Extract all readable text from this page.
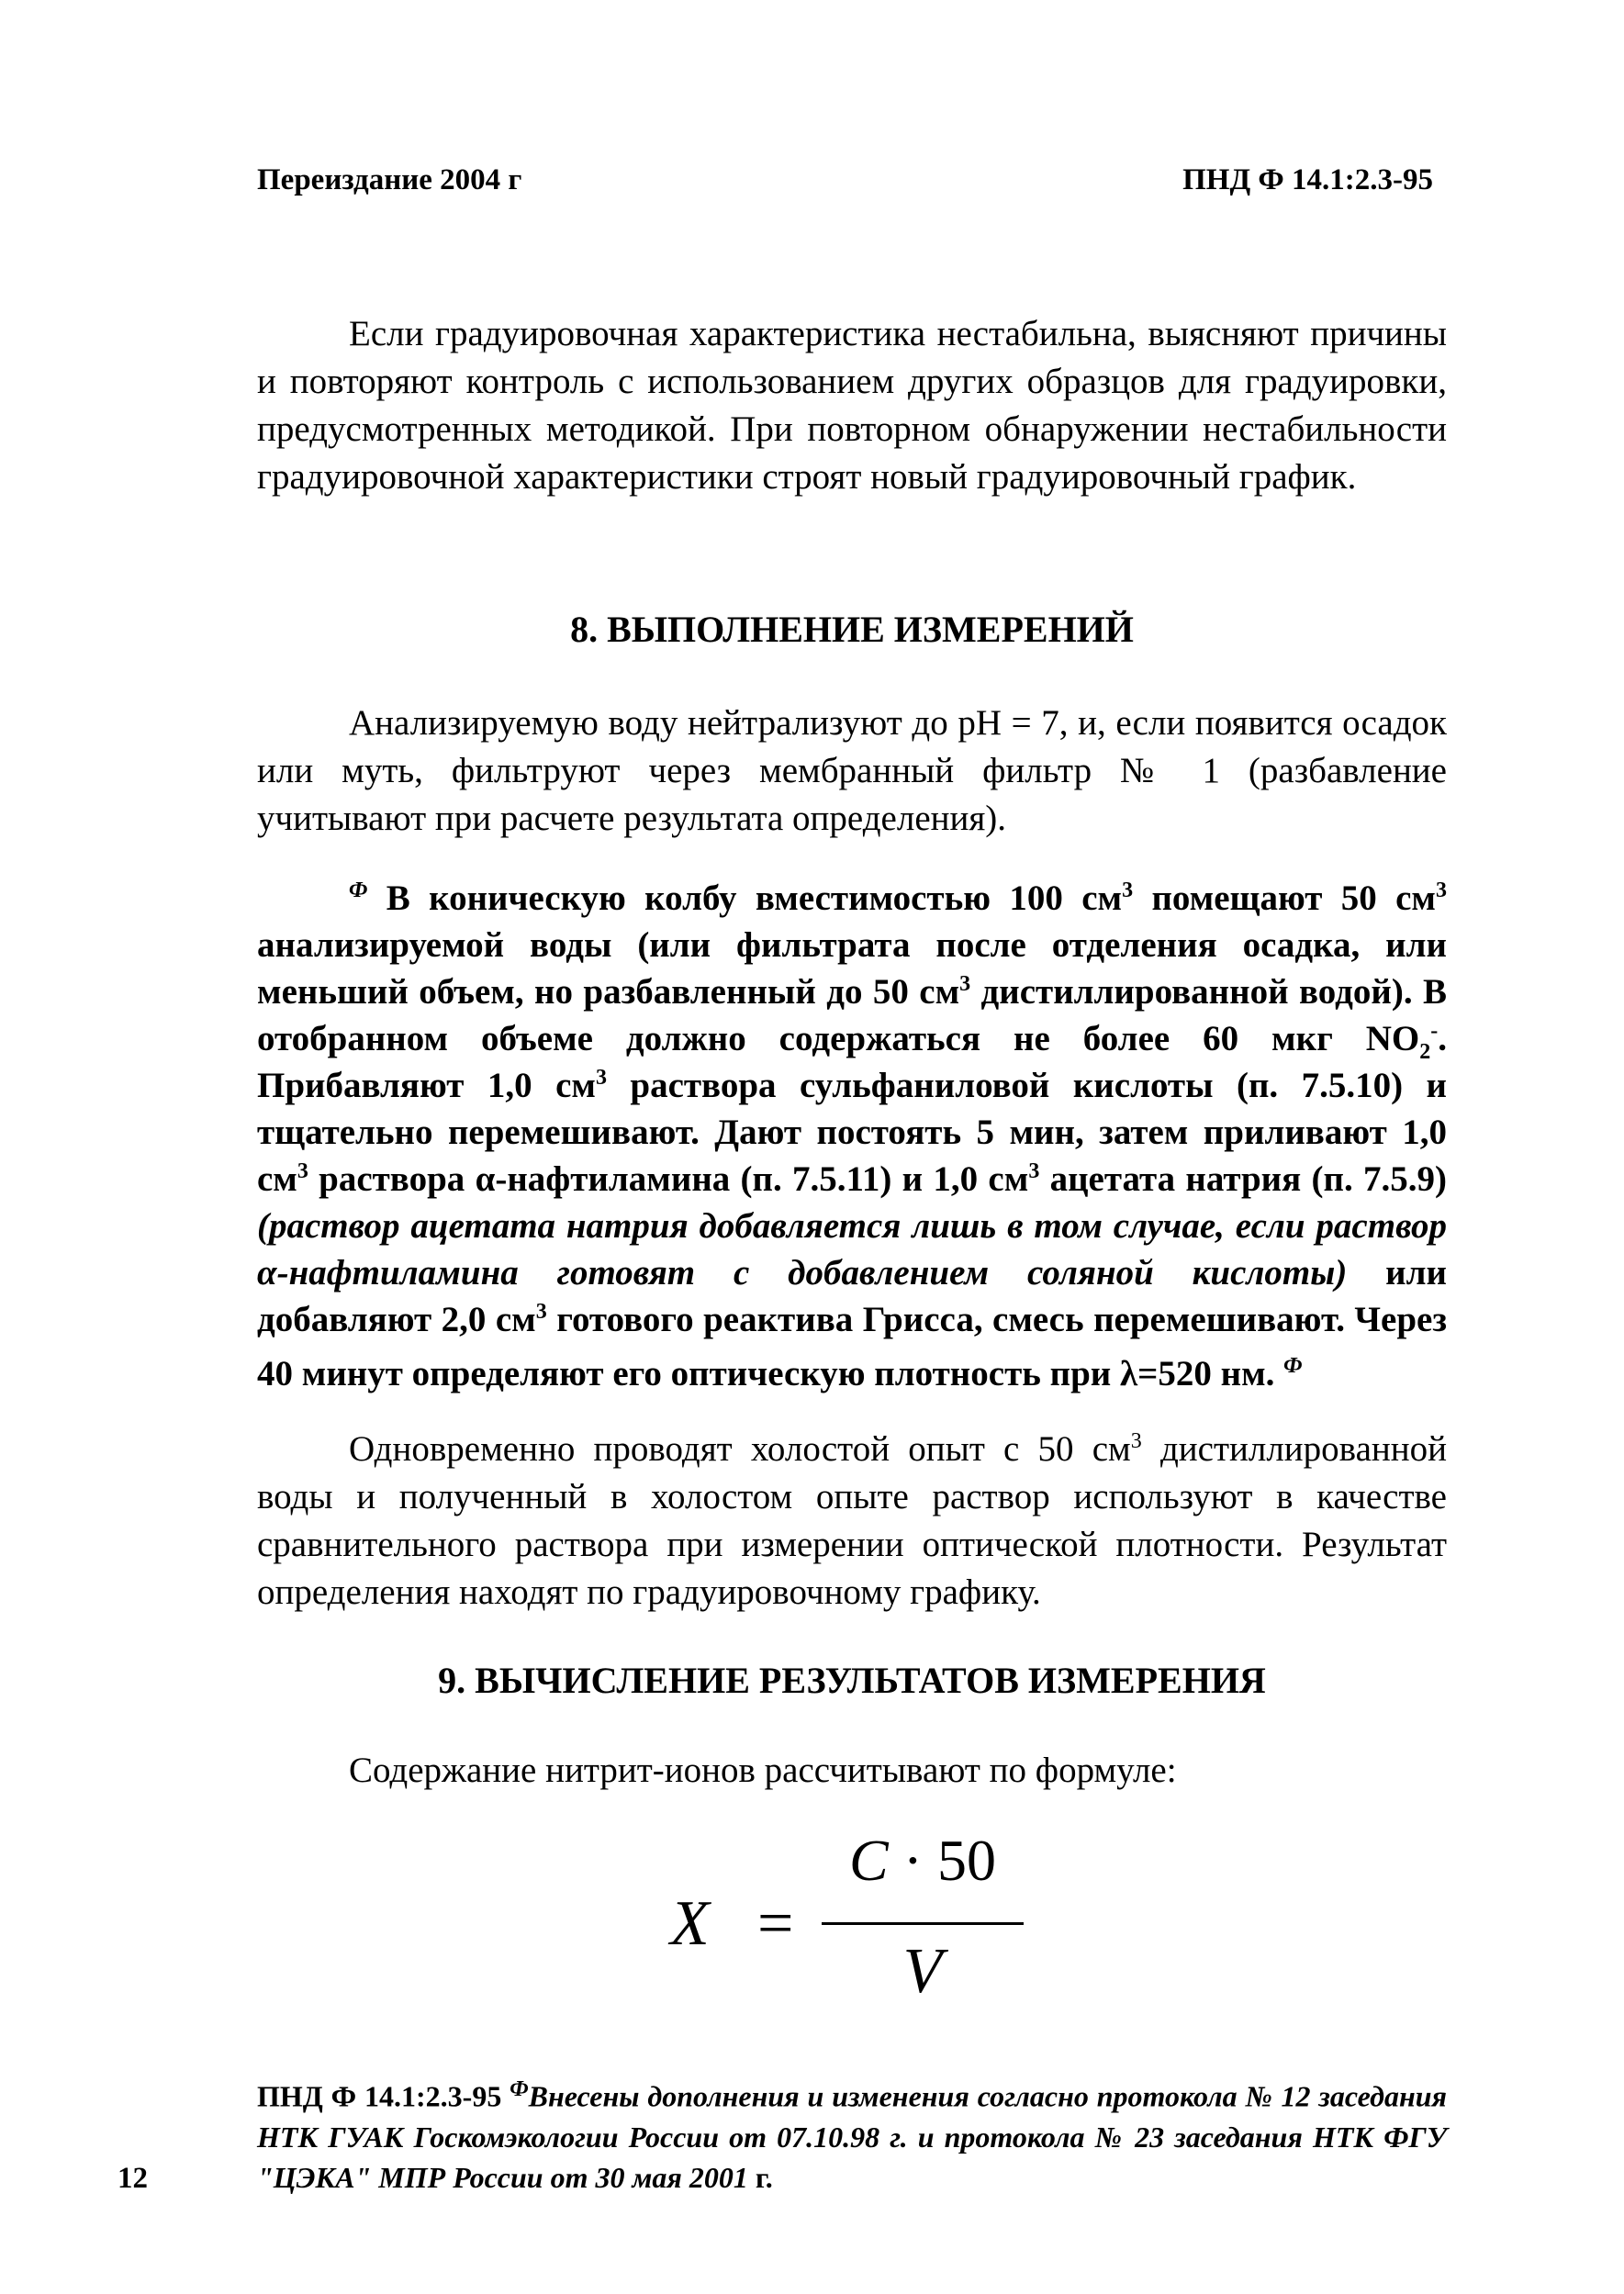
Переиздание 2004 г	ПНД Ф 14.1:2.3-95
Если градуировочная характеристика нестабильна, выясняют причины и повторяют контроль с использованием других образцов для градуировки, предусмотренных методикой. При повторном обнаружении нестабильности градуировочной характеристики строят новый градуировочный график.
8. ВЫПОЛНЕНИЕ ИЗМЕРЕНИЙ
Анализируемую воду нейтрализуют до pH = 7, и, если появится осадок или муть, фильтруют через мембранный фильтр № 1 (разбавление учитывают при расчете результата определения).
$^Ф$ В коническую колбу вместимостью 100 $см^3$ помещают 50 $см^3$ анализируемой воды (или фильтрата после отделения осадка, или меньший объем, но разбавленный до 50 $см^3$ дистиллированной водой). В отобранном объеме должно содержаться не более 60 мкг $NO_2^-$. Прибавляют 1,0 $см^3$ раствора сульфаниловой кислоты (п. 7.5.10) и тщательно перемешивают. Дают постоять 5 мин, затем приливают 1,0 $см^3$ раствора α-нафтиламина (п. 7.5.11) и 1,0 $см^3$ ацетата натрия (п. 7.5.9) (раствор ацетата натрия добавляется лишь в том случае, если раствор α-нафтиламина готовят с добавлением соляной кислоты) или добавляют 2,0 $см^3$ готового реактива Грисса, смесь перемешивают. Через 40 минут определяют его оптическую плотность при λ=520 нм. $^Ф$
Одновременно проводят холостой опыт с 50 $см^3$ дистиллированной воды и полученный в холостом опыте раствор используют в качестве сравнительного раствора при измерении оптической плотности. Результат определения находят по градуировочному графику.
9. ВЫЧИСЛЕНИЕ РЕЗУЛЬТАТОВ ИЗМЕРЕНИЯ
Содержание нитрит-ионов рассчитывают по формуле:
X =
C · 50
V
ПНД Ф 14.1:2.3-95 $^Ф$Внесены дополнения и изменения согласно протокола № 12 заседания НТК ГУАК Госкомэкологии России от 07.10.98 г. и протокола № 23 заседания НТК ФГУ "ЦЭКА" МПР России от 30 мая 2001 г.
12
